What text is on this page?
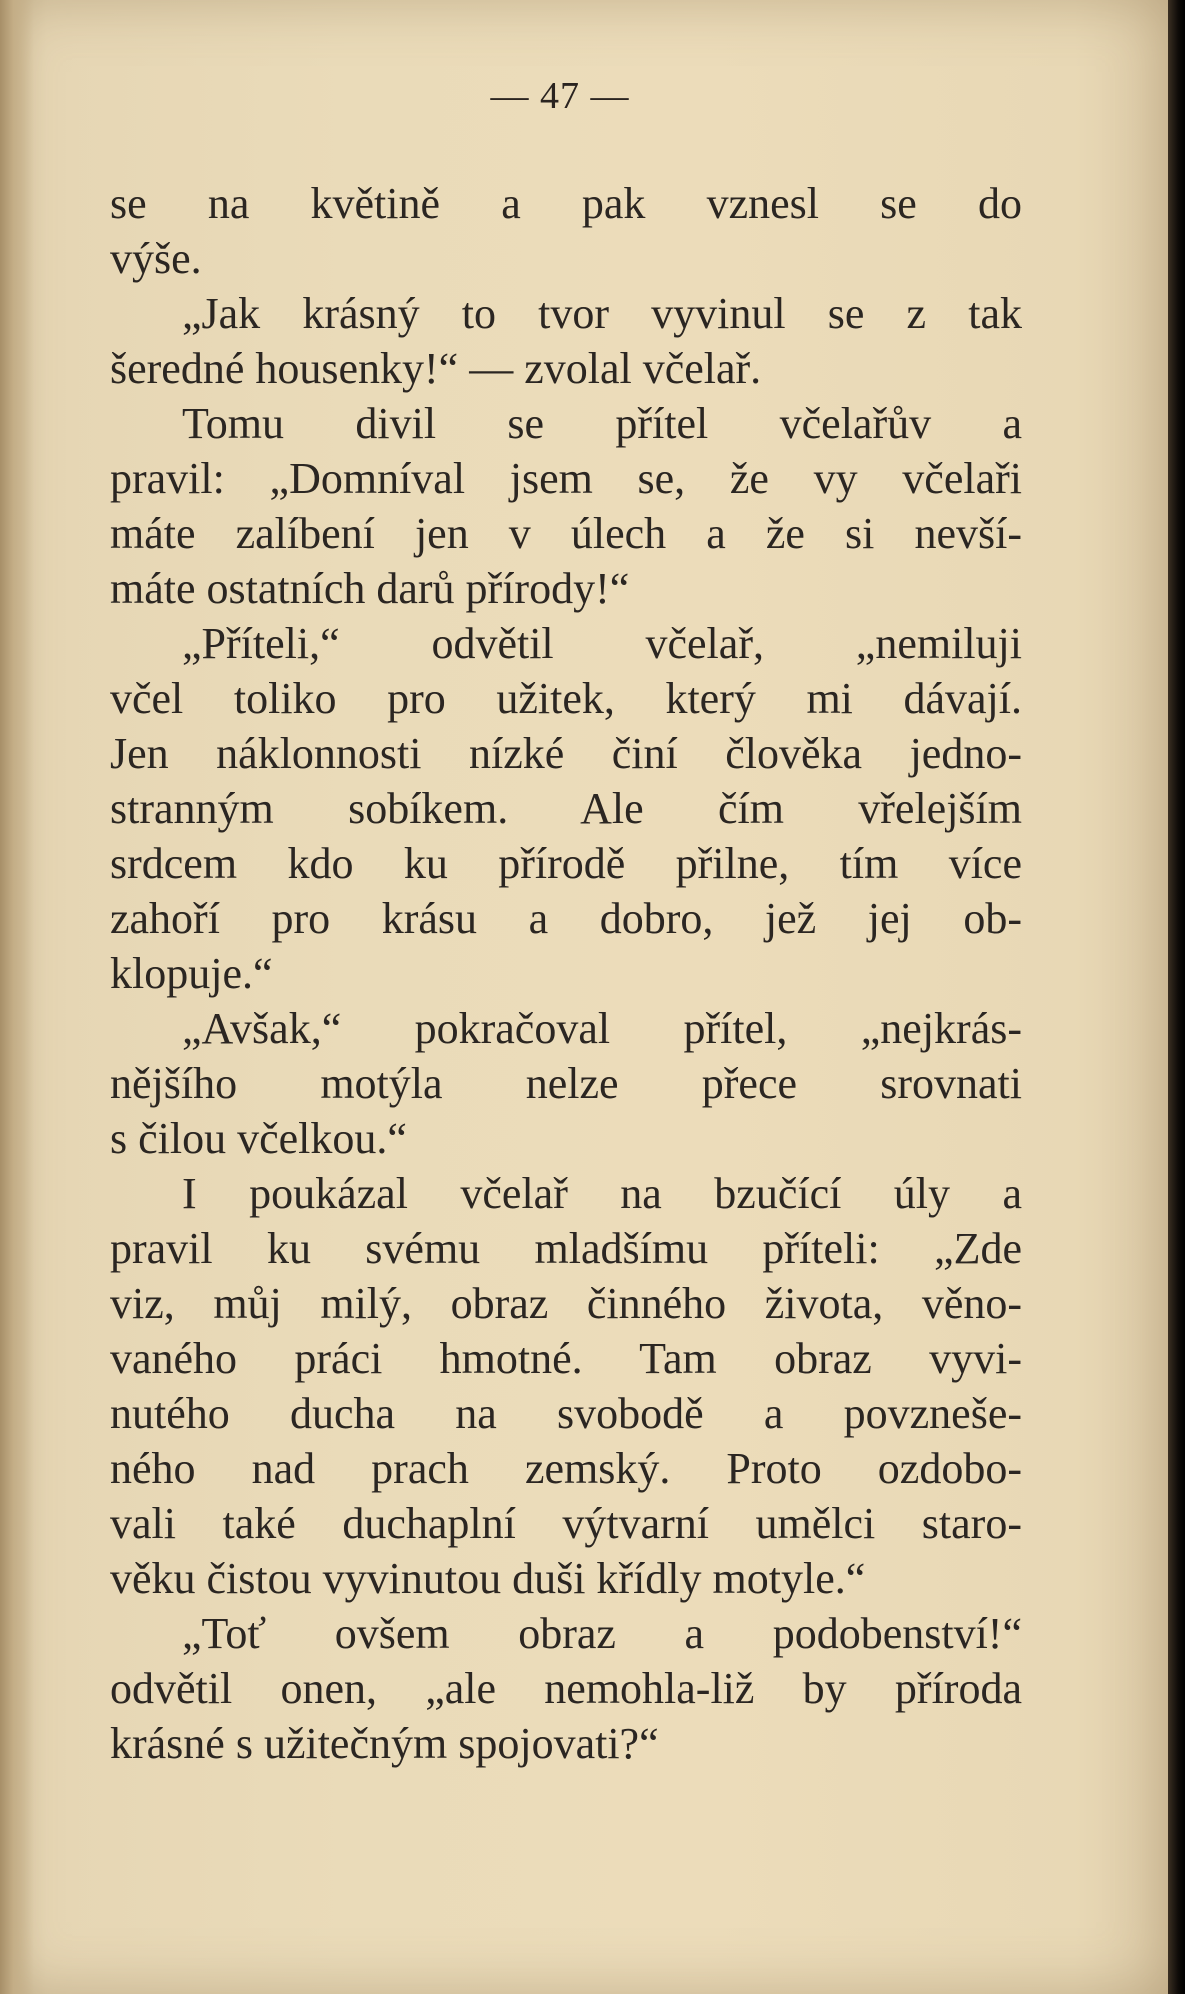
— 47 —
se na květině a pak vznesl se do
výše.
„Jak krásný to tvor vyvinul se z tak
šeredné housenky!“ — zvolal včelař.
Tomu divil se přítel včelařův a
pravil: „Domníval jsem se, že vy včelaři
máte zalíbení jen v úlech a že si nevší-
máte ostatních darů přírody!“
„Příteli,“ odvětil včelař, „nemiluji
včel toliko pro užitek, který mi dávají.
Jen náklonnosti nízké činí člověka jedno-
stranným sobíkem. Ale čím vřelejším
srdcem kdo ku přírodě přilne, tím více
zahoří pro krásu a dobro, jež jej ob-
klopuje.“
„Avšak,“ pokračoval přítel, „nejkrás-
nějšího motýla nelze přece srovnati
s čilou včelkou.“
I poukázal včelař na bzučící úly a
pravil ku svému mladšímu příteli: „Zde
viz, můj milý, obraz činného života, věno-
vaného práci hmotné. Tam obraz vyvi-
nutého ducha na svobodě a povzneše-
ného nad prach zemský. Proto ozdobo-
vali také duchaplní výtvarní umělci staro-
věku čistou vyvinutou duši křídly motyle.“
„Toť ovšem obraz a podobenství!“
odvětil onen, „ale nemohla-liž by příroda
krásné s užitečným spojovati?“
